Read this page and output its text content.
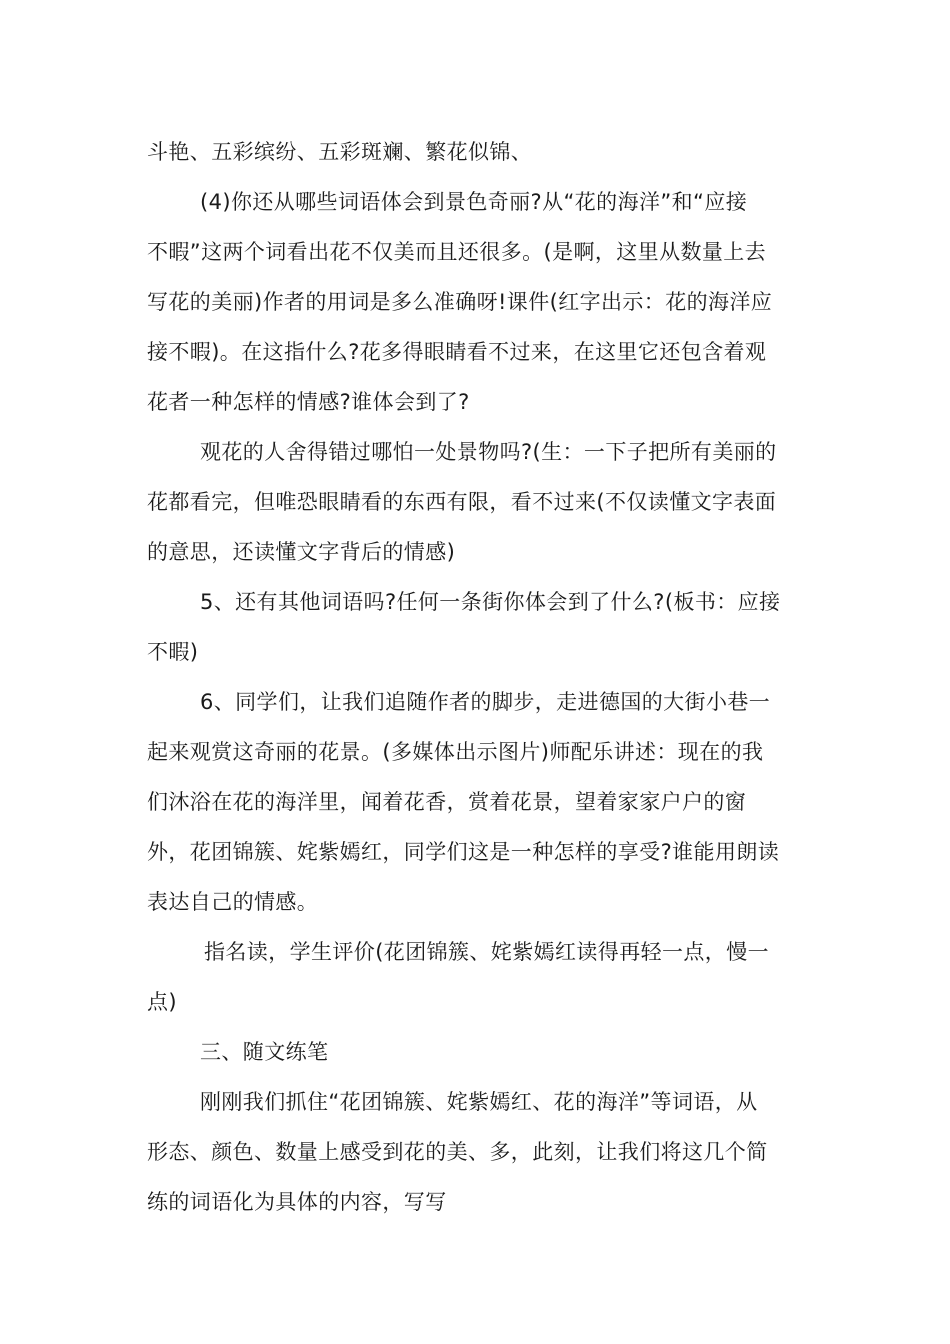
斗艳、五彩缤纷、五彩斑斓、繁花似锦、
(4)你还从哪些词语体会到景色奇丽?从“花的海洋”和“应接
不暇”这两个词看出花不仅美而且还很多。(是啊，这里从数量上去
写花的美丽)作者的用词是多么准确呀!课件(红字出示：花的海洋应
接不暇)。在这指什么?花多得眼睛看不过来，在这里它还包含着观
花者一种怎样的情感?谁体会到了?
观花的人舍得错过哪怕一处景物吗?(生：一下子把所有美丽的
花都看完，但唯恐眼睛看的东西有限，看不过来(不仅读懂文字表面
的意思，还读懂文字背后的情感)
5、还有其他词语吗?任何一条街你体会到了什么?(板书：应接
不暇)
6、同学们，让我们追随作者的脚步，走进德国的大街小巷一
起来观赏这奇丽的花景。(多媒体出示图片)师配乐讲述：现在的我
们沐浴在花的海洋里，闻着花香，赏着花景，望着家家户户的窗
外，花团锦簇、姹紫嫣红，同学们这是一种怎样的享受?谁能用朗读
表达自己的情感。
指名读，学生评价(花团锦簇、姹紫嫣红读得再轻一点，慢一
点)
三、随文练笔
刚刚我们抓住“花团锦簇、姹紫嫣红、花的海洋”等词语，从
形态、颜色、数量上感受到花的美、多，此刻，让我们将这几个简
练的词语化为具体的内容，写写
